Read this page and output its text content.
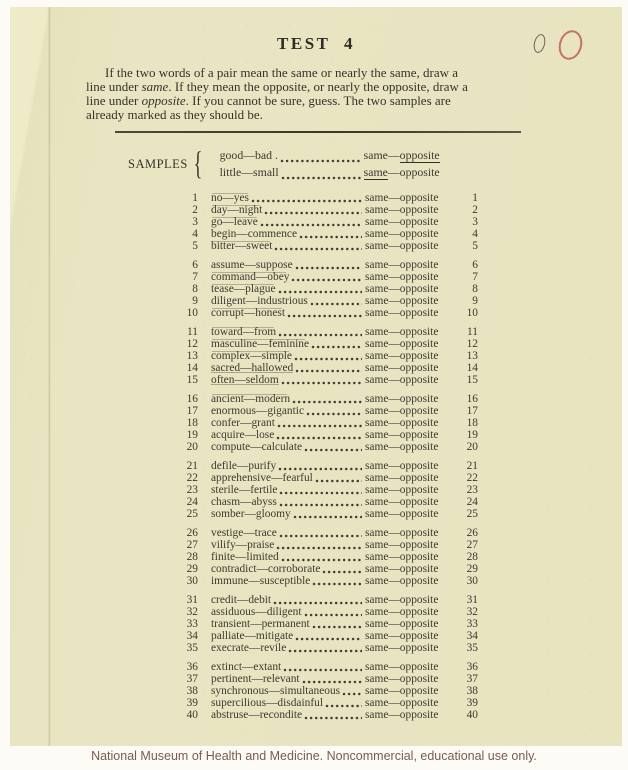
TEST 4
If the two words of a pair mean the same or nearly the same, draw a
line under same. If they mean the opposite, or nearly the opposite, draw a
line under opposite. If you cannot be sure, guess. The two samples are
already marked as they should be.
SAMPLES { good—bad .	same—opposite
little—small	same—opposite
1 no—yes	same—opposite	1
2 day—night	same—opposite	2
3 go—leave	same—opposite	3
4 begin—commence	same—opposite	4
5 bitter—sweet	same—opposite	5
6 assume—suppose	same—opposite	6
7 command—obey	same—opposite	7
8 tease—plague	same—opposite	8
9 diligent—industrious	same—opposite	9
10 corrupt—honest	same—opposite	10
11 toward—from	same—opposite	11
12 masculine—feminine	same—opposite	12
13 complex—simple	same—opposite	13
14 sacred—hallowed	same—opposite	14
15 often—seldom	same—opposite	15
16 ancient—modern	same—opposite	16
17 enormous—gigantic	same—opposite	17
18 confer—grant	same—opposite	18
19 acquire—lose	same—opposite	19
20 compute—calculate	same—opposite	20
21 defile—purify	same—opposite	21
22 apprehensive—fearful	same—opposite	22
23 sterile—fertile	same—opposite	23
24 chasm—abyss	same—opposite	24
25 somber—gloomy	same—opposite	25
26 vestige—trace	same—opposite	26
27 vilify—praise	same—opposite	27
28 finite—limited	same—opposite	28
29 contradict—corroborate	same—opposite	29
30 immune—susceptible	same—opposite	30
31 credit—debit	same—opposite	31
32 assiduous—diligent	same—opposite	32
33 transient—permanent	same—opposite	33
34 palliate—mitigate	same—opposite	34
35 execrate—revile	same—opposite	35
36 extinct—extant	same—opposite	36
37 pertinent—relevant	same—opposite	37
38 synchronous—simultaneous same—opposite	38
39 supercilious—disdainful	same—opposite	39
40 abstruse—recondite	same—opposite	40
National Museum of Health and Medicine. Noncommercial, educational use only.
